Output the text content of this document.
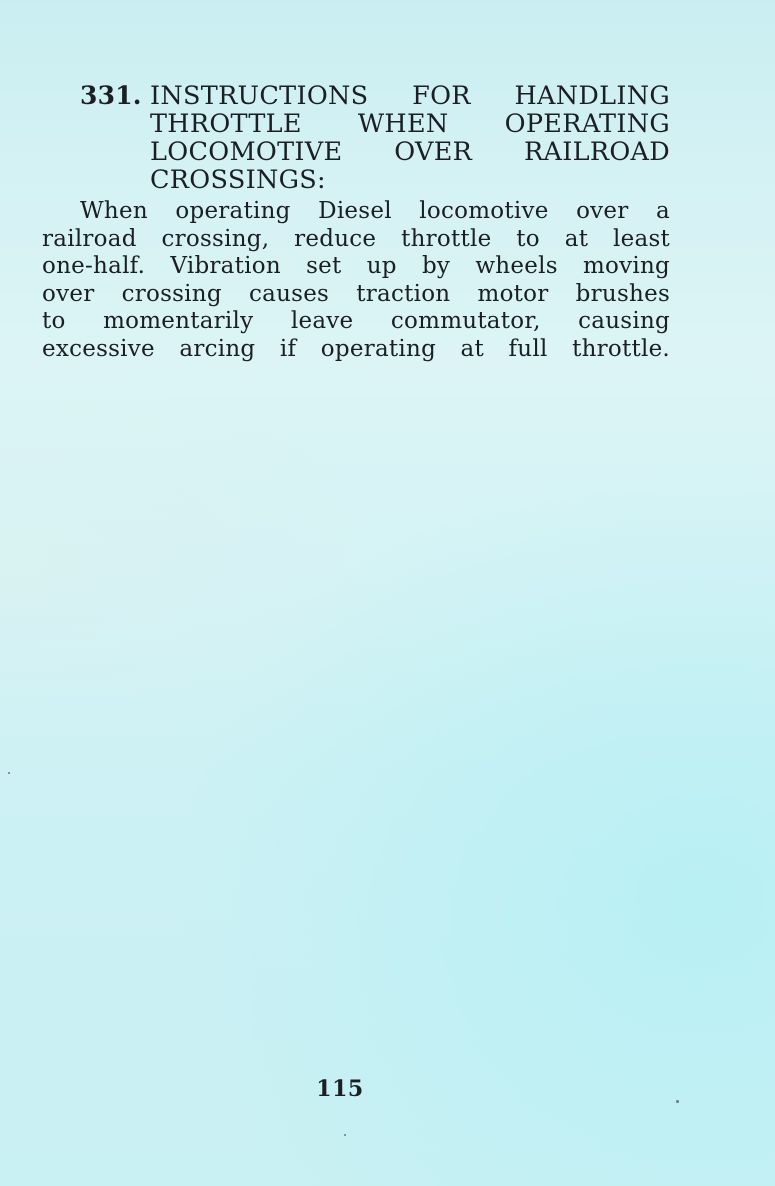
331. INSTRUCTIONS FOR HANDLING
THROTTLE WHEN OPERATING
LOCOMOTIVE OVER RAILROAD
CROSSINGS:
When operating Diesel locomotive over a
railroad crossing, reduce throttle to at least
one-half. Vibration set up by wheels moving
over crossing causes traction motor brushes
to momentarily leave commutator, causing
excessive arcing if operating at full throttle.
115
